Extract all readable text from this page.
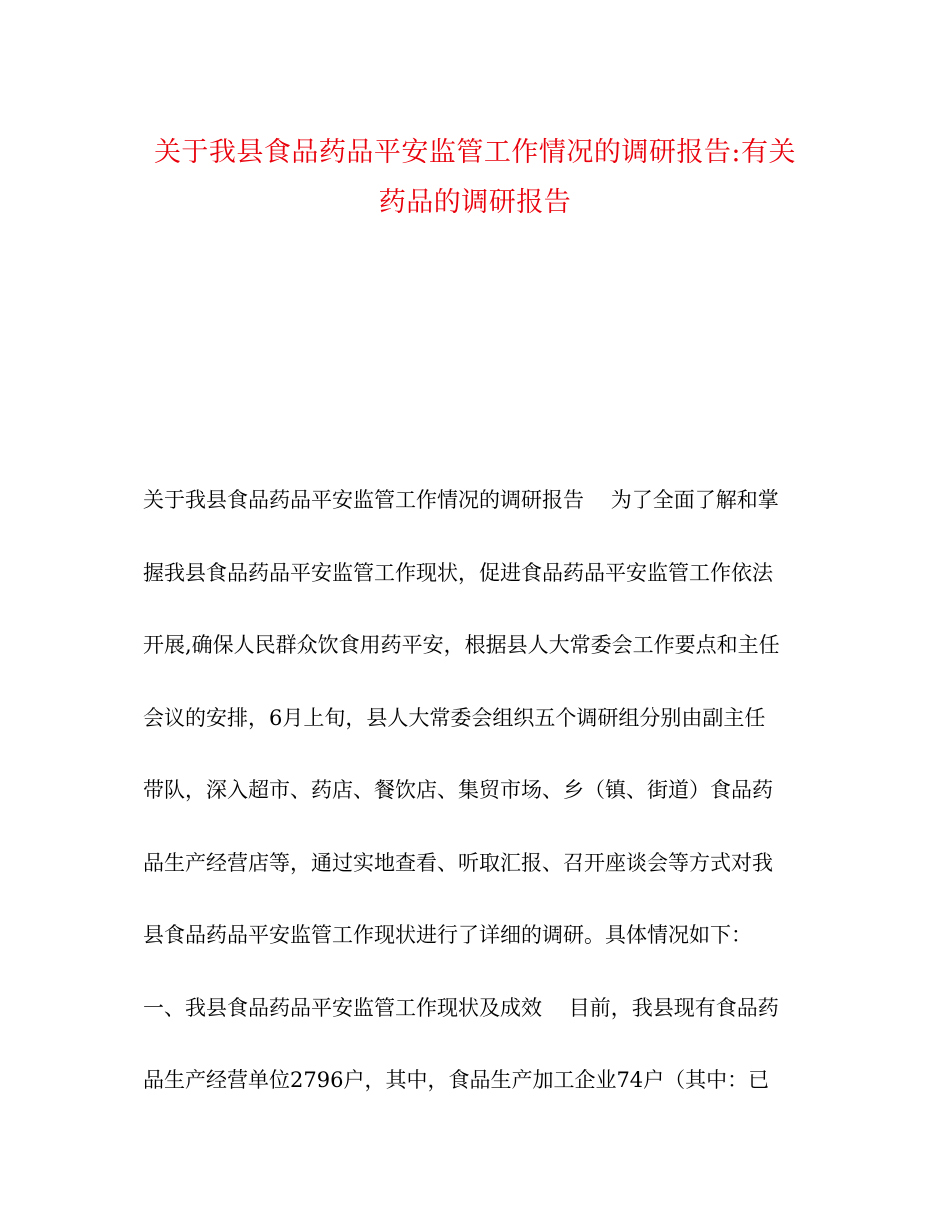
关于我县食品药品平安监管工作情况的调研报告:有关
药品的调研报告
关于我县食品药品平安监管工作情况的调研报告    为了全面了解和掌
握我县食品药品平安监管工作现状，促进食品药品平安监管工作依法
开展,确保人民群众饮食用药平安，根据县人大常委会工作要点和主任
会议的安排，6月上旬，县人大常委会组织五个调研组分别由副主任
带队，深入超市、药店、餐饮店、集贸市场、乡（镇、街道）食品药
品生产经营店等，通过实地查看、听取汇报、召开座谈会等方式对我
县食品药品平安监管工作现状进行了详细的调研。具体情况如下：
一、我县食品药品平安监管工作现状及成效    目前，我县现有食品药
品生产经营单位2796户，其中，食品生产加工企业74户（其中：已
